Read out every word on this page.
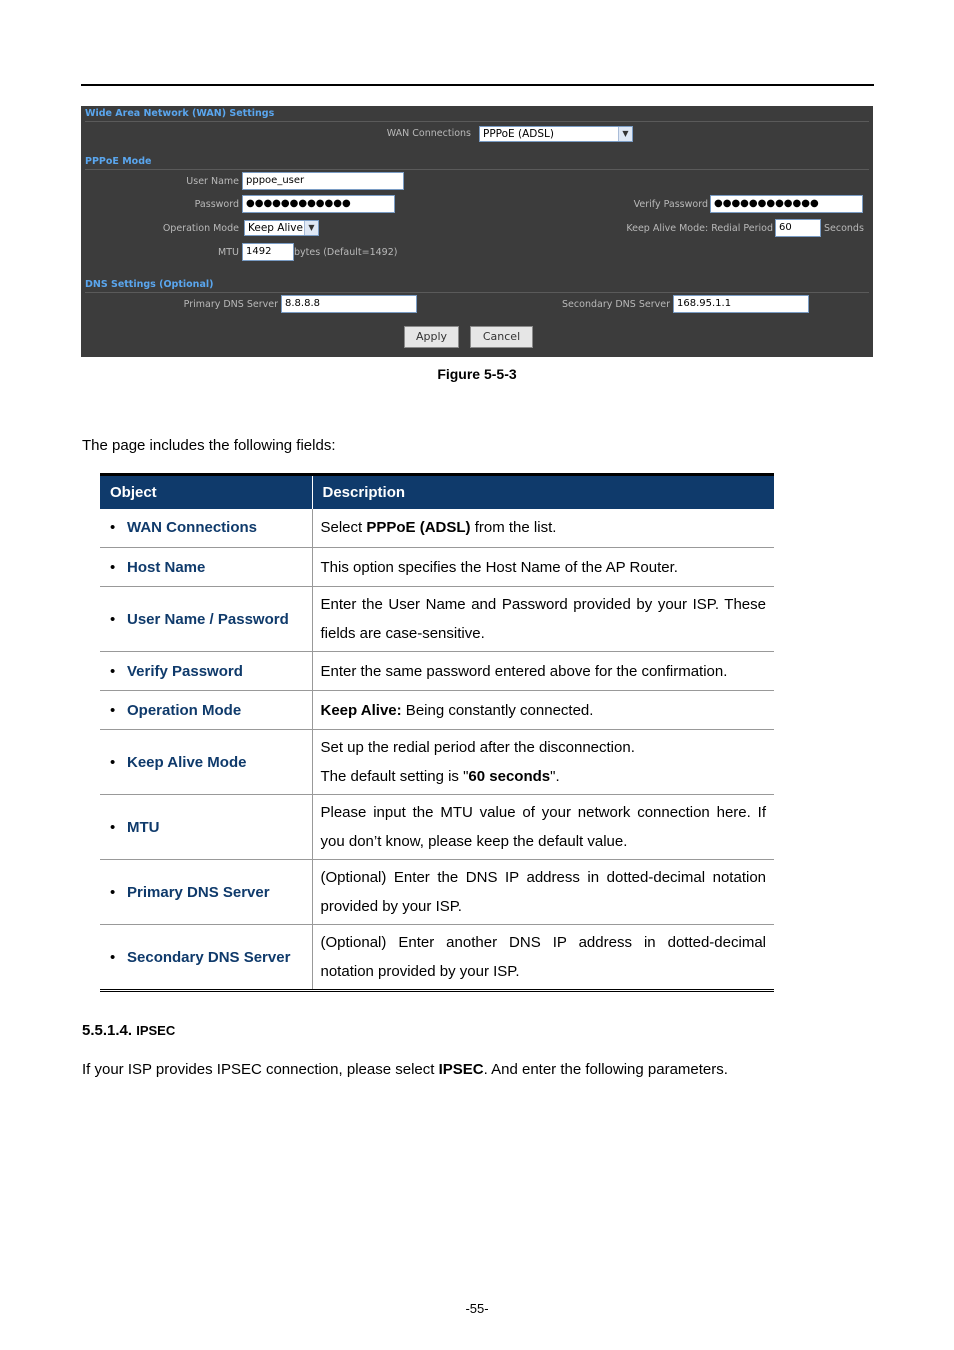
Wide Area Network (WAN) Settings
WAN Connections	PPPoE (ADSL)	▼
PPPoE Mode
User Name pppoe_user
Password ●●●●●●●●●●●●	Verify Password ●●●●●●●●●●●●
Operation Mode Keep Alive ▼	Keep Alive Mode: Redial Period 60	Seconds
MTU 1492	bytes (Default=1492)
DNS Settings (Optional)
Primary DNS Server 8.8.8.8	Secondary DNS Server 168.95.1.1
Apply	Cancel
Figure 5-5-3
The page includes the following fields:
Object	Description
• WAN Connections	Select PPPoE (ADSL) from the list.
• Host Name	This option specifies the Host Name of the AP Router.
• User Name / Password	Enter the User Name and Password provided by your ISP. These fields are case-sensitive.
• Verify Password	Enter the same password entered above for the confirmation.
• Operation Mode	Keep Alive: Being constantly connected.
• Keep Alive Mode	Set up the redial period after the disconnection.
The default setting is "60 seconds".
• MTU	Please input the MTU value of your network connection here. If you don’t know, please keep the default value.
• Primary DNS Server	(Optional) Enter the DNS IP address in dotted-decimal notation provided by your ISP.
• Secondary DNS Server	(Optional) Enter another DNS IP address in dotted-decimal notation provided by your ISP.
5.5.1.4. IPSEC
If your ISP provides IPSEC connection, please select IPSEC. And enter the following parameters.
-55-
